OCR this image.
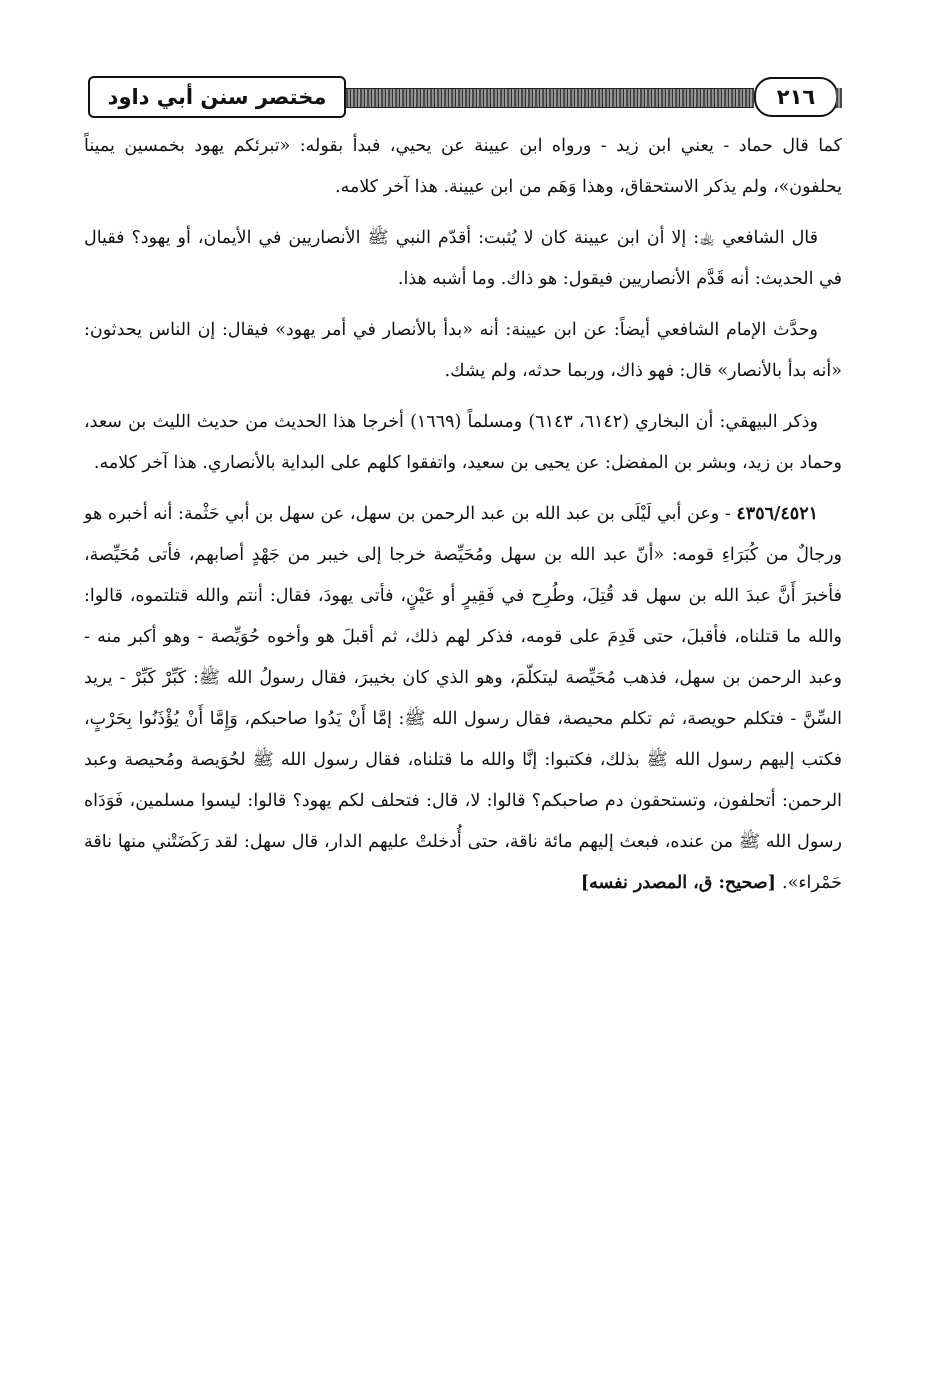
مختصر سنن أبي داود	٢١٦

كما قال حماد - يعني ابن زيد - ورواه ابن عيينة عن يحيي، فبدأ بقوله: «تبرئكم يهود بخمسين يميناً يحلفون»، ولم يذكر الاستحقاق، وهذا وَهَم من ابن عيينة. هذا آخر كلامه.

قال الشافعي ﵀: إلا أن ابن عيينة كان لا يُثبت: أقدّم النبي ﷺ الأنصاريين في الأيمان، أو يهود؟ فقيال في الحديث: أنه قَدَّم الأنصاريين فيقول: هو ذاك. وما أشبه هذا.

وحدَّث الإمام الشافعي أيضاً: عن ابن عيينة: أنه «بدأ بالأنصار في أمر يهود» فيقال: إن الناس يحدثون: «أنه بدأ بالأنصار» قال: فهو ذاك، وربما حدثه، ولم يشك.

وذكر البيهقي: أن البخاري (٦١٤٢، ٦١٤٣) ومسلماً (١٦٦٩) أخرجا هذا الحديث من حديث الليث بن سعد، وحماد بن زيد، وبشر بن المفضل: عن يحيى بن سعيد، واتفقوا كلهم على البداية بالأنصاري. هذا آخر كلامه.

٤٣٥٦/٤٥٢١ - وعن أبي لَيْلَى بن عبد الله بن عبد الرحمن بن سهل، عن سهل بن أبي حَثْمة: أنه أخبره هو ورجالٌ من كُبَرَاءِ قومه: «أنّ عبد الله بن سهل ومُحَيِّصة خرجا إلى خيبر من جَهْدٍ أصابهم، فأتى مُحَيِّصة، فأخبرَ أَنَّ عبدَ الله بن سهل قد قُتِلَ، وطُرِح في فَقِيرٍ أو عَيْنٍ، فأتى يهودَ، فقال: أنتم والله قتلتموه، قالوا: والله ما قتلناه، فأقبلَ، حتى قَدِمَ على قومه، فذكر لهم ذلك، ثم أقبلَ هو وأخوه حُوَيِّصة - وهو أكبر منه - وعبد الرحمن بن سهل، فذهب مُحَيِّصة ليتكلّمَ، وهو الذي كان بخيبرَ، فقال رسولُ الله ﷺ: كَبِّرْ كَبِّرْ - يريد السِّنَّ - فتكلم حويصة، ثم تكلم محيصة، فقال رسول الله ﷺ: إمَّا أَنْ يَدُوا صاحبكم، وَإِمَّا أَنْ يُؤْذَنُوا بِحَرْبٍ، فكتب إليهم رسول الله ﷺ بذلك، فكتبوا: إنَّا والله ما قتلناه، فقال رسول الله ﷺ لحُوَيصة ومُحيصة وعبد الرحمن: أتحلفون، وتستحقون دم صاحبكم؟ قالوا: لا، قال: فتحلف لكم يهود؟ قالوا: ليسوا مسلمين، فَوَدَاه رسول الله ﷺ من عنده، فبعث إليهم مائة ناقة، حتى أُدخلتْ عليهم الدار، قال سهل: لقد رَكَضَتْني منها ناقة حَمْراء». [صحيح: ق، المصدر نفسه]
